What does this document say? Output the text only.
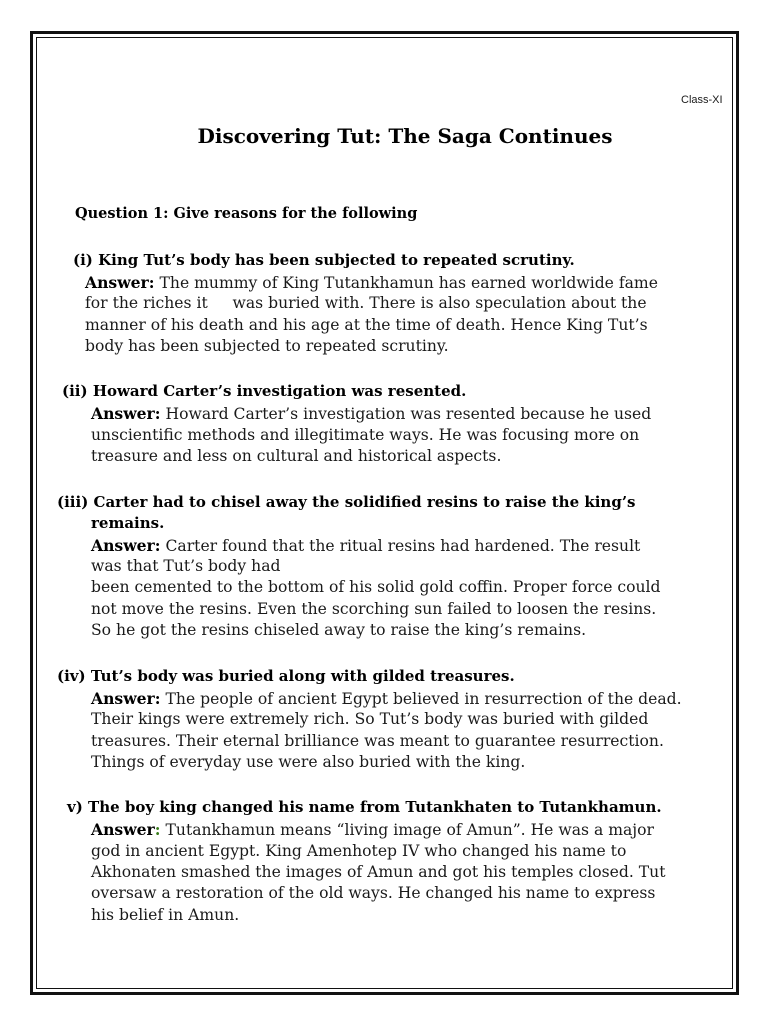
Class-XI
Discovering Tut: The Saga Continues
Question 1: Give reasons for the following
(i) King Tut’s body has been subjected to repeated scrutiny.
Answer: The mummy of King Tutankhamun has earned worldwide fame
for the riches it     was buried with. There is also speculation about the
manner of his death and his age at the time of death. Hence King Tut’s
body has been subjected to repeated scrutiny.
(ii) Howard Carter’s investigation was resented.
Answer: Howard Carter’s investigation was resented because he used
unscientific methods and illegitimate ways. He was focusing more on
treasure and less on cultural and historical aspects.
(iii) Carter had to chisel away the solidified resins to raise the king’s
remains.
Answer: Carter found that the ritual resins had hardened. The result
was that Tut’s body had
been cemented to the bottom of his solid gold coffin. Proper force could
not move the resins. Even the scorching sun failed to loosen the resins.
So he got the resins chiseled away to raise the king’s remains.
(iv) Tut’s body was buried along with gilded treasures.
Answer: The people of ancient Egypt believed in resurrection of the dead.
Their kings were extremely rich. So Tut’s body was buried with gilded
treasures. Their eternal brilliance was meant to guarantee resurrection.
Things of everyday use were also buried with the king.
v) The boy king changed his name from Tutankhaten to Tutankhamun.
Answer: Tutankhamun means “living image of Amun”. He was a major
god in ancient Egypt. King Amenhotep IV who changed his name to
Akhonaten smashed the images of Amun and got his temples closed. Tut
oversaw a restoration of the old ways. He changed his name to express
his belief in Amun.
